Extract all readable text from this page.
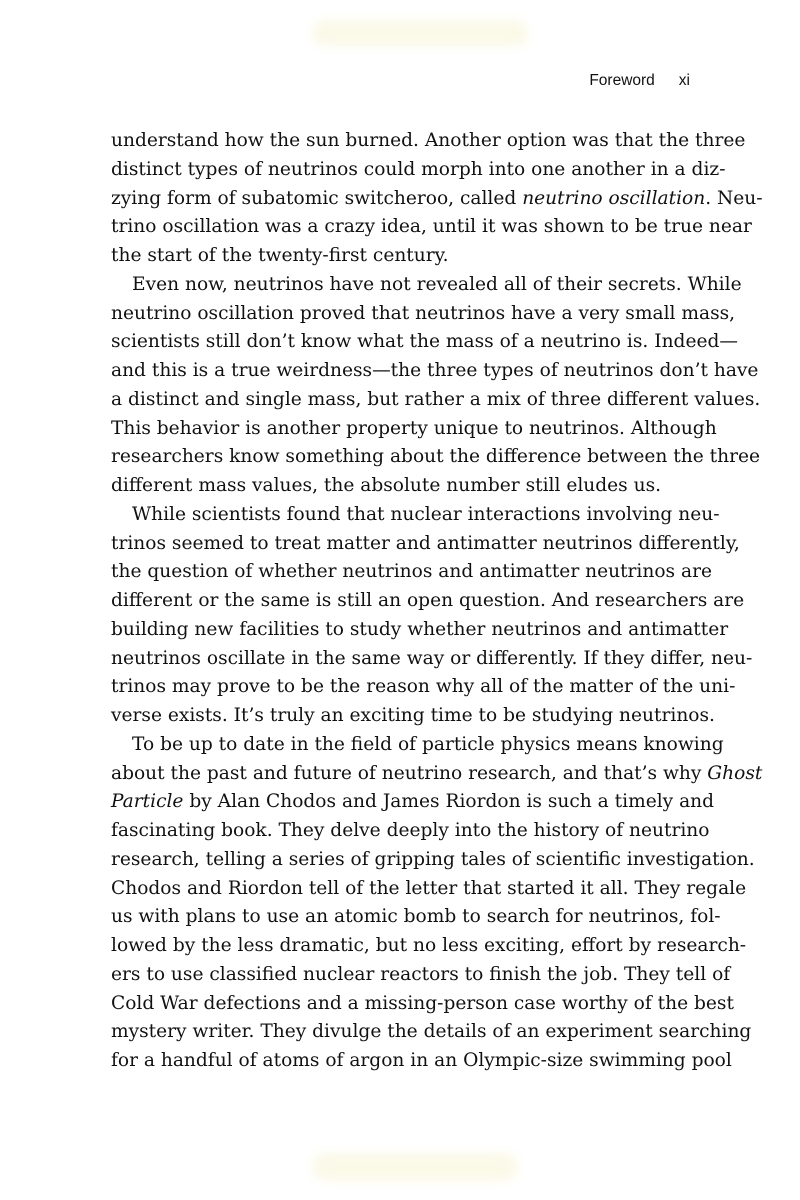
Foreword xi
understand how the sun burned. Another option was that the three
distinct types of neutrinos could morph into one another in a diz-
zying form of subatomic switcheroo, called neutrino oscillation. Neu-
trino oscillation was a crazy idea, until it was shown to be true near
the start of the twenty-first century.
Even now, neutrinos have not revealed all of their secrets. While
neutrino oscillation proved that neutrinos have a very small mass,
scientists still don’t know what the mass of a neutrino is. Indeed—
and this is a true weirdness—the three types of neutrinos don’t have
a distinct and single mass, but rather a mix of three different values.
This behavior is another property unique to neutrinos. Although
researchers know something about the difference between the three
different mass values, the absolute number still eludes us.
While scientists found that nuclear interactions involving neu-
trinos seemed to treat matter and antimatter neutrinos differently,
the question of whether neutrinos and antimatter neutrinos are
different or the same is still an open question. And researchers are
building new facilities to study whether neutrinos and antimatter
neutrinos oscillate in the same way or differently. If they differ, neu-
trinos may prove to be the reason why all of the matter of the uni-
verse exists. It’s truly an exciting time to be studying neutrinos.
To be up to date in the field of particle physics means knowing
about the past and future of neutrino research, and that’s why Ghost
Particle by Alan Chodos and James Riordon is such a timely and
fascinating book. They delve deeply into the history of neutrino
research, telling a series of gripping tales of scientific investigation.
Chodos and Riordon tell of the letter that started it all. They regale
us with plans to use an atomic bomb to search for neutrinos, fol-
lowed by the less dramatic, but no less exciting, effort by research-
ers to use classified nuclear reactors to finish the job. They tell of
Cold War defections and a missing-person case worthy of the best
mystery writer. They divulge the details of an experiment searching
for a handful of atoms of argon in an Olympic-size swimming pool
